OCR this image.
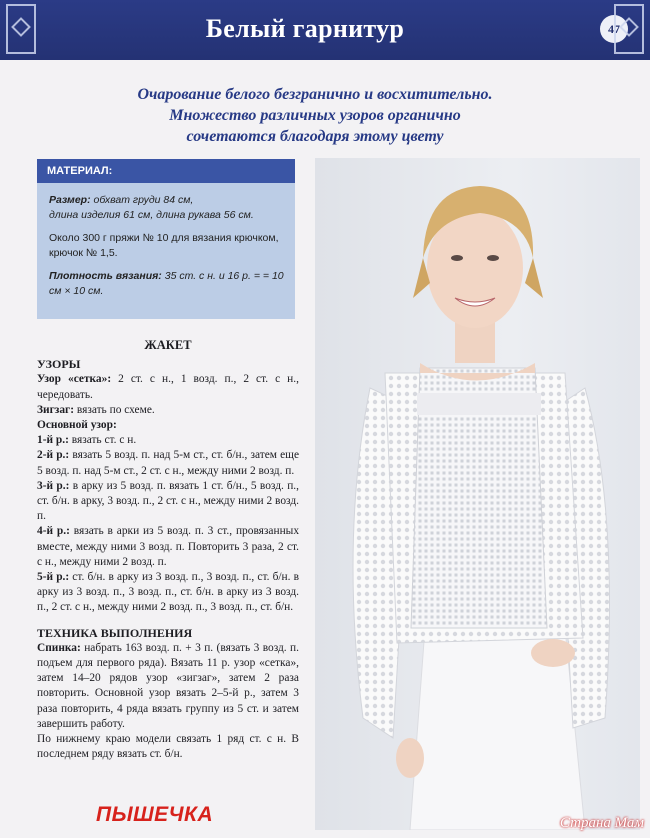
Белый гарнитур	47
Очарование белого безгранично и восхитительно.
Множество различных узоров органично
сочетаются благодаря этому цвету
МАТЕРИАЛ:

Размер: обхват груди 84 см,
длина изделия 61 см, длина рукава 56 см.

Около 300 г пряжи № 10 для вязания крючком, крючок № 1,5.

Плотность вязания: 35 ст. с н. и 16 р. = = 10 см × 10 см.

ЖАКЕТ
УЗОРЫ

Узор «сетка»: 2 ст. с н., 1 возд. п., 2 ст. с н., чередовать.

Зигзаг: вязать по схеме.

Основной узор:

1-й р.: вязать ст. с н.

2-й р.: вязать 5 возд. п. над 5-м ст., ст. б/н., затем еще 5 возд. п. над 5-м ст., 2 ст. с н., между ними 2 возд. п.

3-й р.: в арку из 5 возд. п. вязать 1 ст. б/н., 5 возд. п., ст. б/н. в арку, 3 возд. п., 2 ст. с н., между ними 2 возд. п.

4-й р.: вязать в арки из 5 возд. п. 3 ст., провязанных вместе, между ними 3 возд. п. Повторить 3 раза, 2 ст. с н., между ними 2 возд. п.

5-й р.: ст. б/н. в арку из 3 возд. п., 3 возд. п., ст. б/н. в арку из 3 возд. п., 3 возд. п., ст. б/н. в арку из 3 возд. п., 2 ст. с н., между ними 2 возд. п., 3 возд. п., ст. б/н.

ТЕХНИКА ВЫПОЛНЕНИЯ

Спинка: набрать 163 возд. п. + 3 п. (вязать 3 возд. п. подъем для первого ряда). Вязать 11 р. узор «сетка», затем 14–20 рядов узор «зигзаг», затем 2 раза повторить. Основной узор вязать 2–5-й р., затем 3 раза повторить, 4 ряда вязать группу из 5 ст. и затем завершить работу.

По нижнему краю модели связать 1 ряд ст. с н. В последнем ряду вязать ст. б/н.

ПЫШЕЧКА	Страна Мам
